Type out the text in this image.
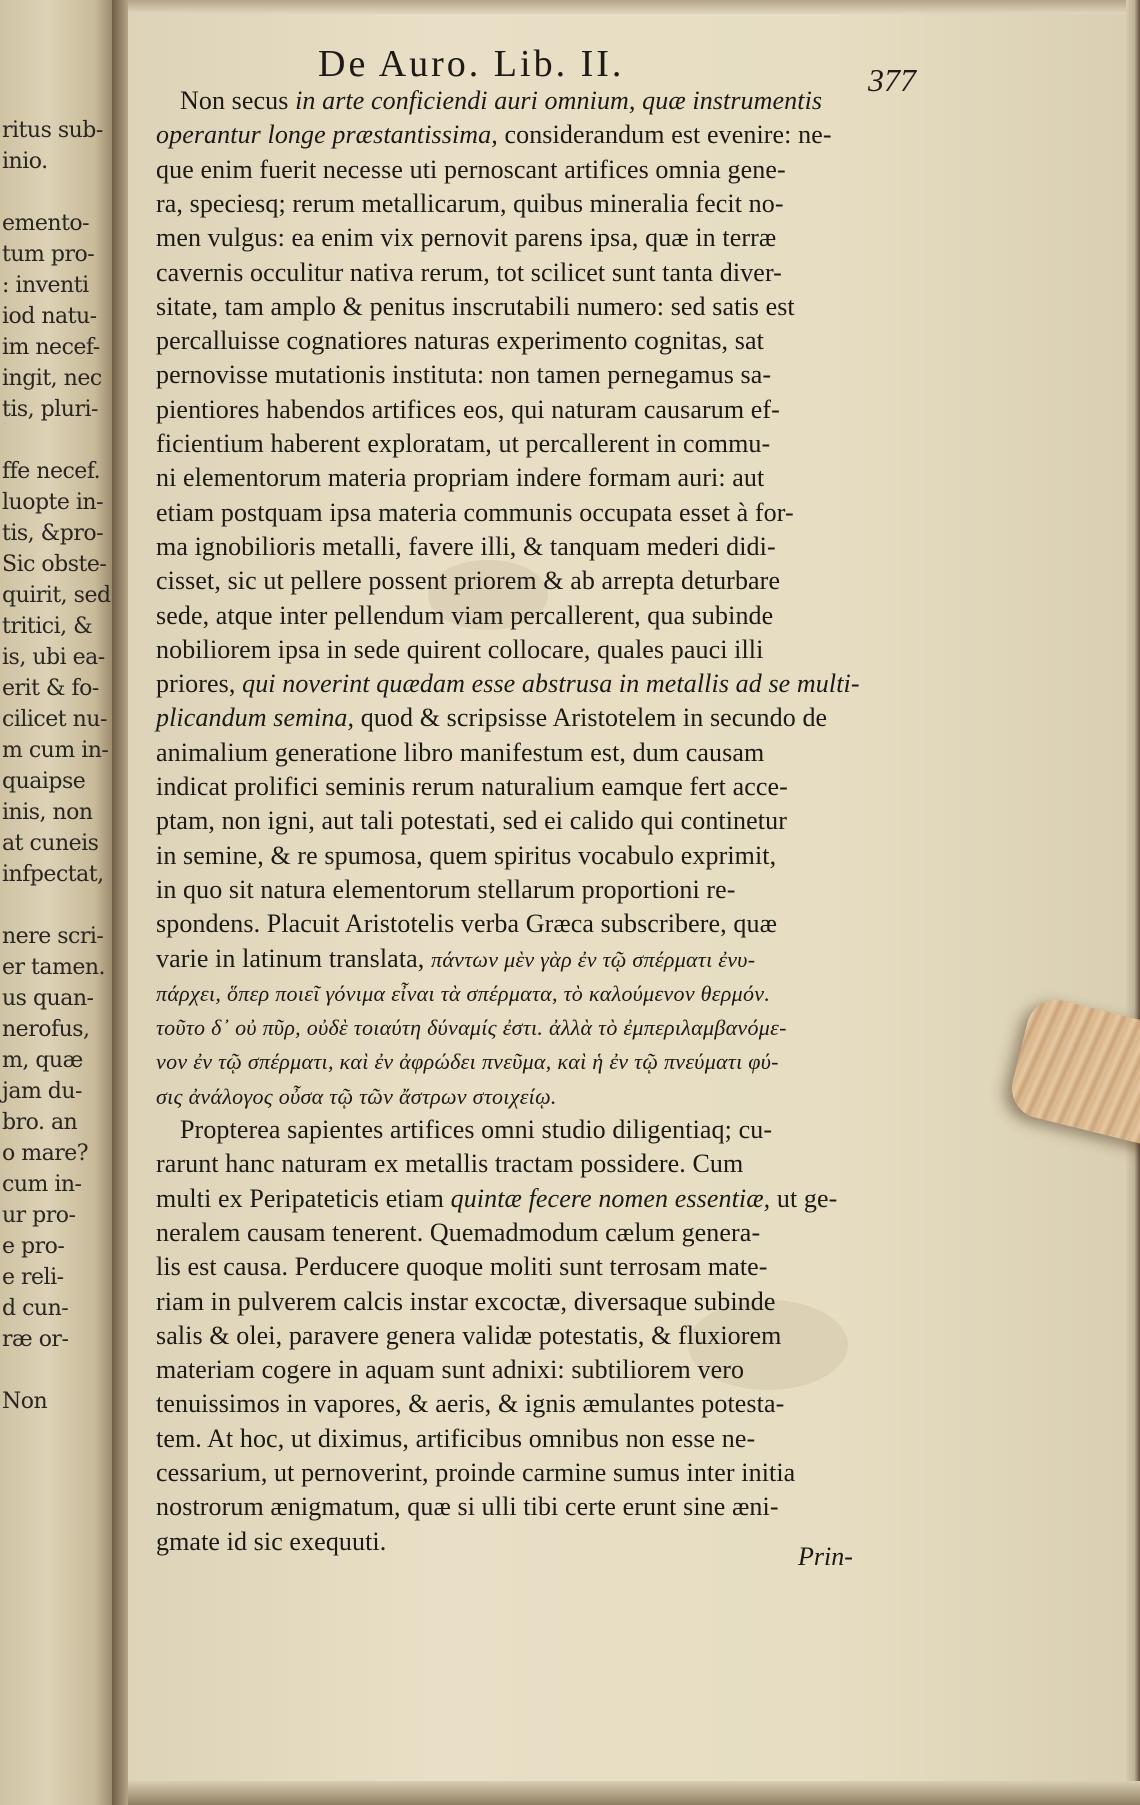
ritus sub-
inio.
emento-
tum pro-
: inventi
iod natu-
im necef-
ingit, nec
tis, pluri-
ffe necef.
luopte in-
tis, &pro-
Sic obste-
quirit, sed
tritici, &
is, ubi ea-
erit & fo-
cilicet nu-
m cum in-
quaipse
inis, non
at cuneis
infpectat,
nere scri-
er tamen.
us quan-
nerofus,
m, quæ
jam du-
bro. an
o mare?
cum in-
ur pro-
e pro-
e reli-
d cun-
ræ or-
Non
De Auro. Lib. II.	377
Non secus in arte conficiendi auri omnium, quæ instrumentis
operantur longe præstantissima, considerandum est evenire: ne-
que enim fuerit necesse uti pernoscant artifices omnia gene-
ra, speciesq; rerum metallicarum, quibus mineralia fecit no-
men vulgus: ea enim vix pernovit parens ipsa, quæ in terræ
cavernis occulitur nativa rerum, tot scilicet sunt tanta diver-
sitate, tam amplo & penitus inscrutabili numero: sed satis est
percalluisse cognatiores naturas experimento cognitas, sat
pernovisse mutationis instituta: non tamen pernegamus sa-
pientiores habendos artifices eos, qui naturam causarum ef-
ficientium haberent exploratam, ut percallerent in commu-
ni elementorum materia propriam indere formam auri: aut
etiam postquam ipsa materia communis occupata esset à for-
ma ignobilioris metalli, favere illi, & tanquam mederi didi-
cisset, sic ut pellere possent priorem & ab arrepta deturbare
sede, atque inter pellendum viam percallerent, qua subinde
nobiliorem ipsa in sede quirent collocare, quales pauci illi
priores, qui noverint quædam esse abstrusa in metallis ad se multi-
plicandum semina, quod & scripsisse Aristotelem in secundo de
animalium generatione libro manifestum est, dum causam
indicat prolifici seminis rerum naturalium eamque fert acce-
ptam, non igni, aut tali potestati, sed ei calido qui continetur
in semine, & re spumosa, quem spiritus vocabulo exprimit,
in quo sit natura elementorum stellarum proportioni re-
spondens. Placuit Aristotelis verba Græca subscribere, quæ
varie in latinum translata, πάντων μὲν γὰρ ἐν τῷ σπέρματι ἐνυ-
πάρχει, ὅπερ ποιεῖ γόνιμα εἶναι τὰ σπέρματα, τὸ καλούμενον θερμόν.
τοῦτο δ᾽ οὐ πῦρ, οὐδὲ τοιαύτη δύναμίς ἐστι. ἀλλὰ τὸ ἐμπεριλαμβανόμε-
νον ἐν τῷ σπέρματι, καὶ ἐν ἀφρώδει πνεῦμα, καὶ ἡ ἐν τῷ πνεύματι φύ-
σις ἀνάλογος οὖσα τῷ τῶν ἄστρων στοιχείῳ.
Propterea sapientes artifices omni studio diligentiaq; cu-
rarunt hanc naturam ex metallis tractam possidere. Cum
multi ex Peripateticis etiam quintæ fecere nomen essentiæ, ut ge-
neralem causam tenerent. Quemadmodum cælum genera-
lis est causa. Perducere quoque moliti sunt terrosam mate-
riam in pulverem calcis instar excoctæ, diversaque subinde
salis & olei, paravere genera validæ potestatis, & fluxiorem
materiam cogere in aquam sunt adnixi: subtiliorem vero
tenuissimos in vapores, & aeris, & ignis æmulantes potesta-
tem. At hoc, ut diximus, artificibus omnibus non esse ne-
cessarium, ut pernoverint, proinde carmine sumus inter initia
nostrorum ænigmatum, quæ si ulli tibi certe erunt sine æni-
gmate id sic exequuti.
Prin-
